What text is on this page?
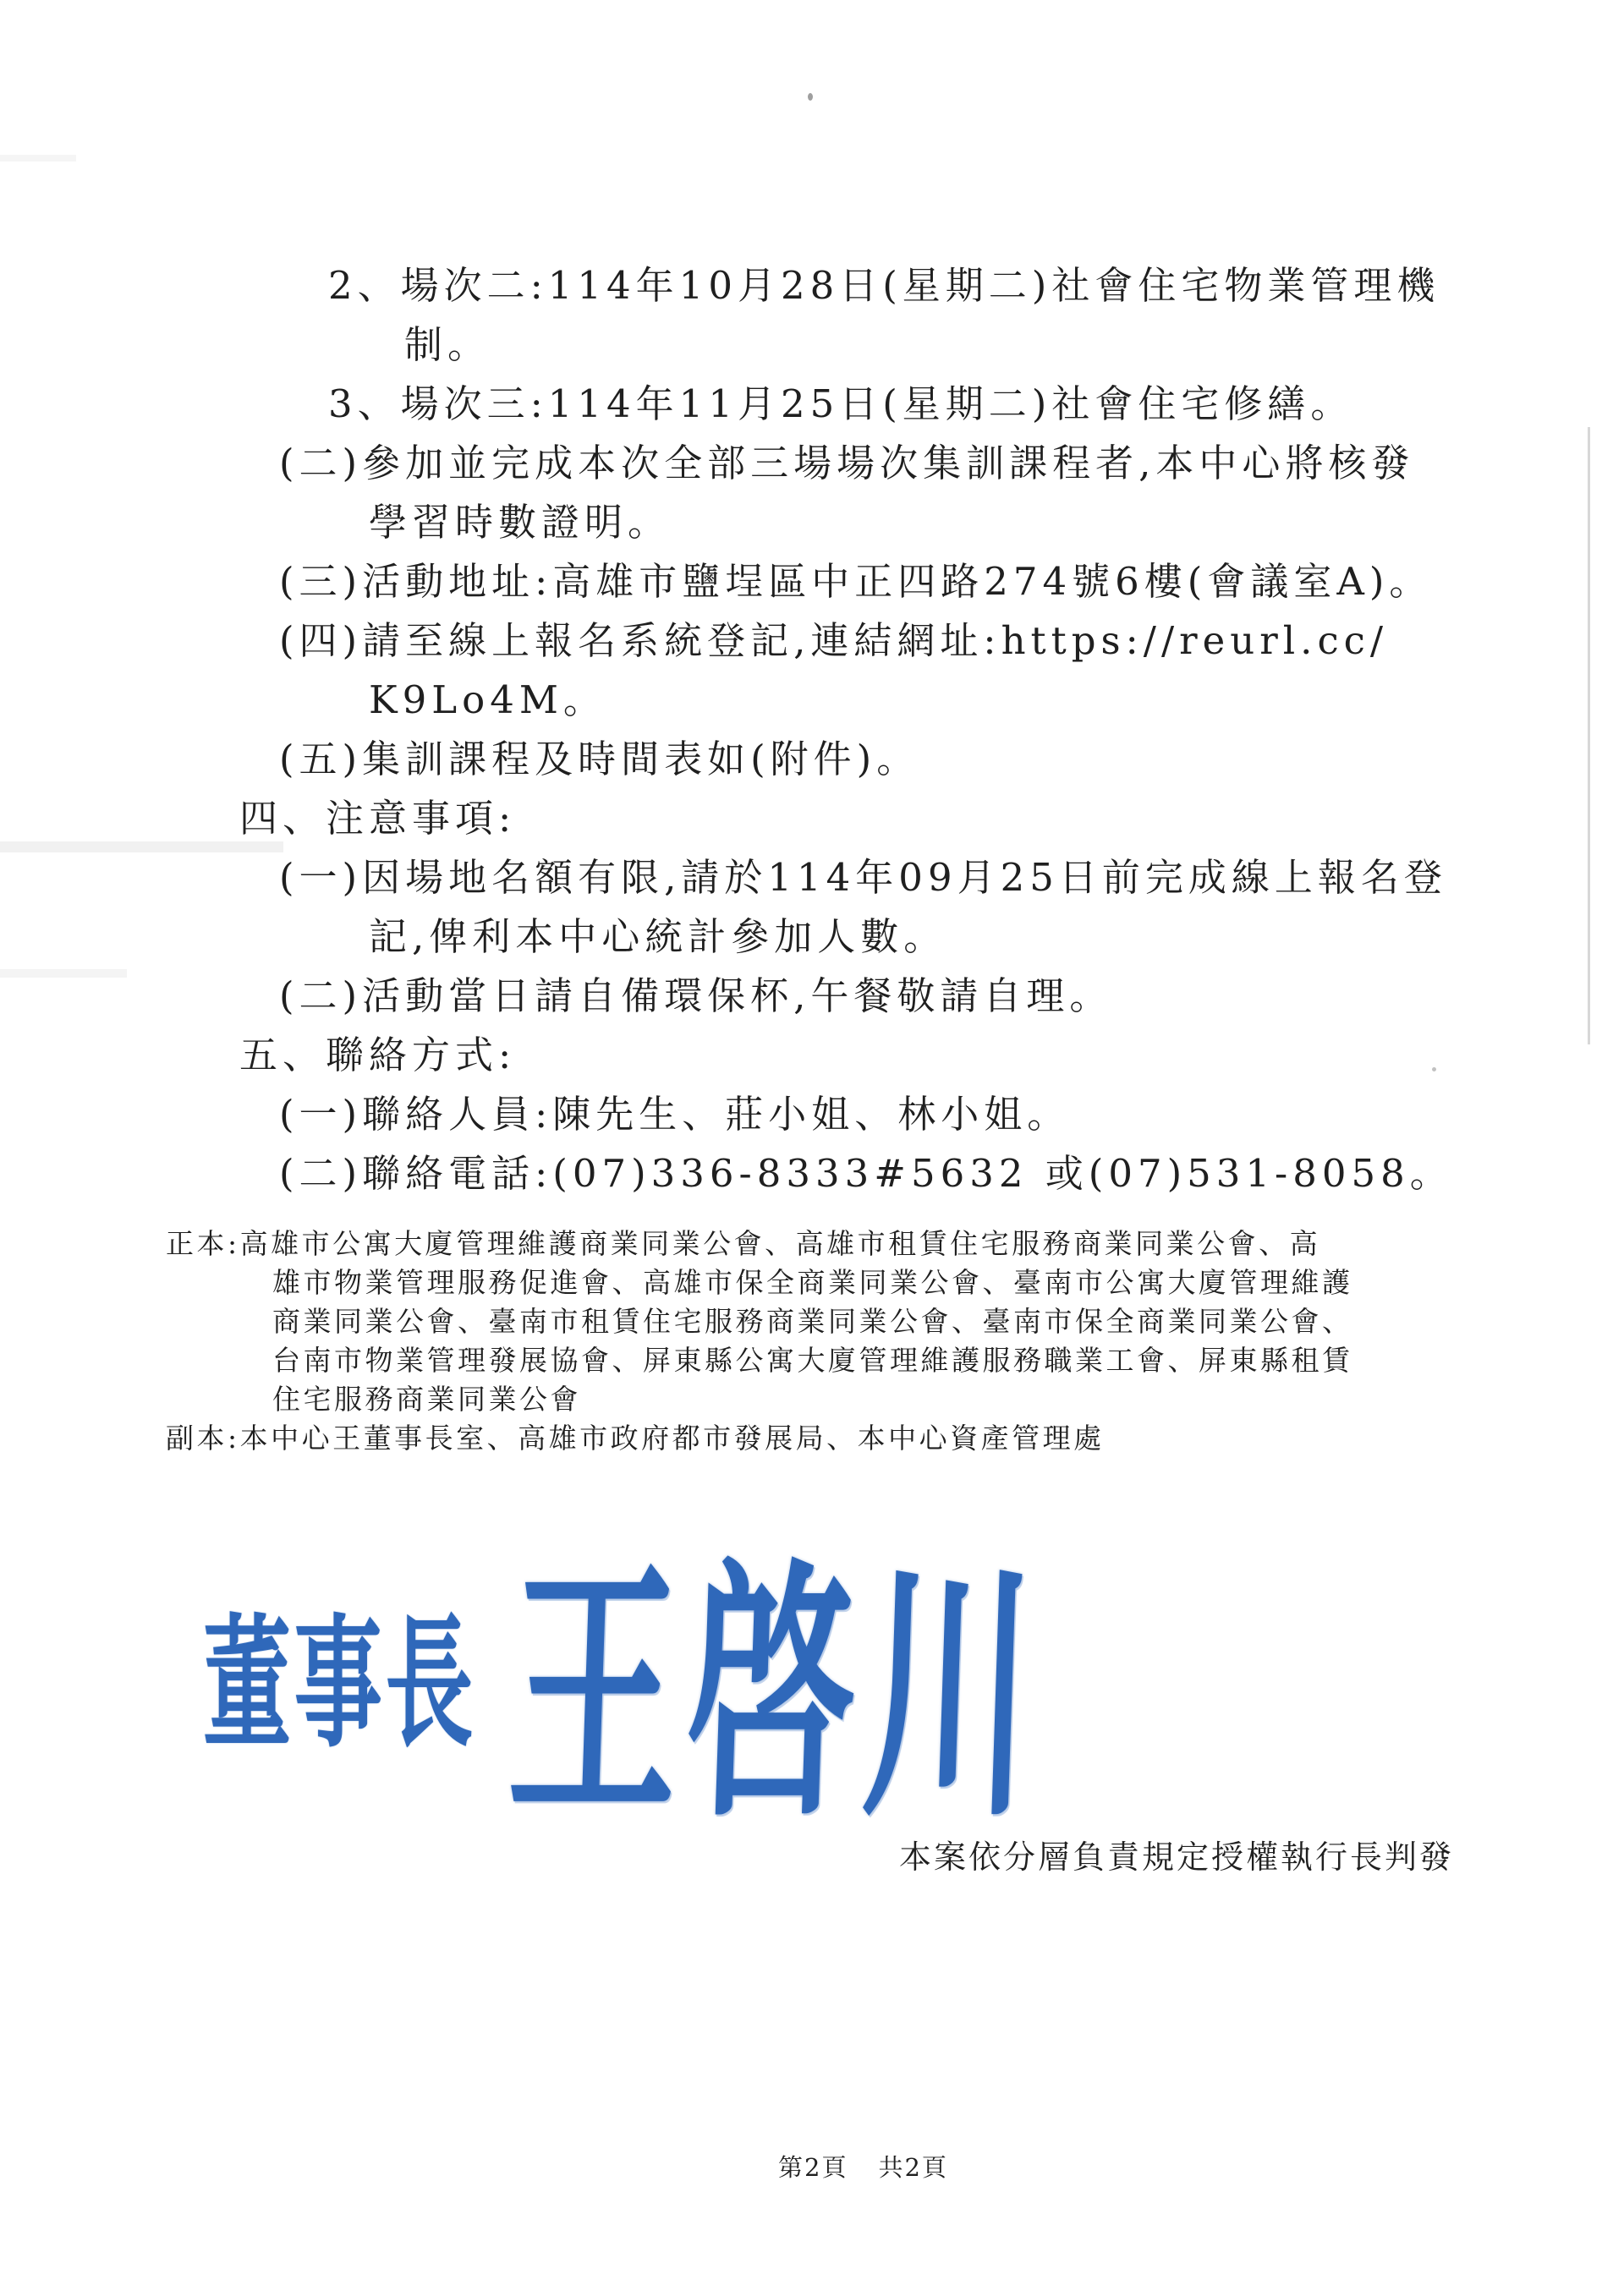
2、場次二:114年10月28日(星期二)社會住宅物業管理機
制。
3、場次三:114年11月25日(星期二)社會住宅修繕。
(二)參加並完成本次全部三場場次集訓課程者,本中心將核發
學習時數證明。
(三)活動地址:高雄市鹽埕區中正四路274號6樓(會議室A)。
(四)請至線上報名系統登記,連結網址:https://reurl.cc/
K9Lo4M。
(五)集訓課程及時間表如(附件)。
四、注意事項:
(一)因場地名額有限,請於114年09月25日前完成線上報名登
記,俾利本中心統計參加人數。
(二)活動當日請自備環保杯,午餐敬請自理。
五、聯絡方式:
(一)聯絡人員:陳先生、莊小姐、林小姐。
(二)聯絡電話:(07)336-8333#5632 或(07)531-8058。
正本:高雄市公寓大廈管理維護商業同業公會、高雄市租賃住宅服務商業同業公會、高
雄市物業管理服務促進會、高雄市保全商業同業公會、臺南市公寓大廈管理維護
商業同業公會、臺南市租賃住宅服務商業同業公會、臺南市保全商業同業公會、
台南市物業管理發展協會、屏東縣公寓大廈管理維護服務職業工會、屏東縣租賃
住宅服務商業同業公會
副本:本中心王董事長室、高雄市政府都市發展局、本中心資產管理處
董事長 王啓川
本案依分層負責規定授權執行長判發
第2頁 共2頁
